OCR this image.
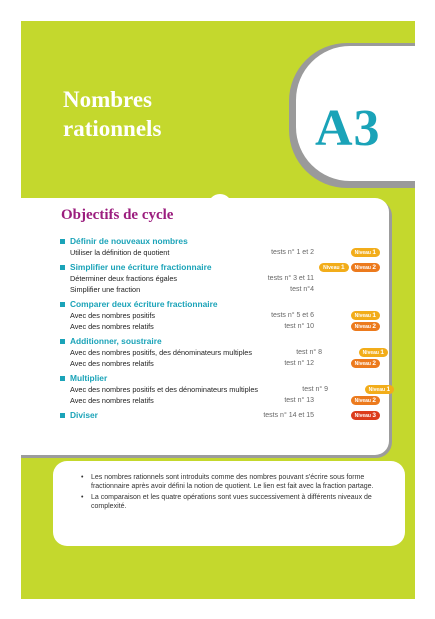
Nombres
rationnels	A3
Objectifs de cycle
Définir de nouveaux nombres
Utiliser la définition de quotient	tests n° 1 et 2	Niveau 1
Simplifier une écriture fractionnaire	Niveau 1	Niveau 2
Déterminer deux fractions égales	tests n° 3 et 11
Simplifier une fraction	test n°4
Comparer deux écriture fractionnaire
Avec des nombres positifs	tests n° 5 et 6	Niveau 1
Avec des nombres relatifs	test n° 10	Niveau 2
Additionner, soustraire
Avec des nombres positifs, des dénominateurs multiples	test n° 8	Niveau 1
Avec des nombres relatifs	test n° 12	Niveau 2
Multiplier
Avec des nombres positifs et des dénominateurs multiples	test n° 9	Niveau 1
Avec des nombres relatifs	test n° 13	Niveau 2
Diviser	tests n° 14 et 15	Niveau 3
• Les nombres rationnels sont introduits comme des nombres pouvant s'écrire sous forme fractionnaire après avoir défini la notion de quotient. Le lien est fait avec la fraction partage.
• La comparaison et les quatre opérations sont vues successivement à différents niveaux de complexité.
